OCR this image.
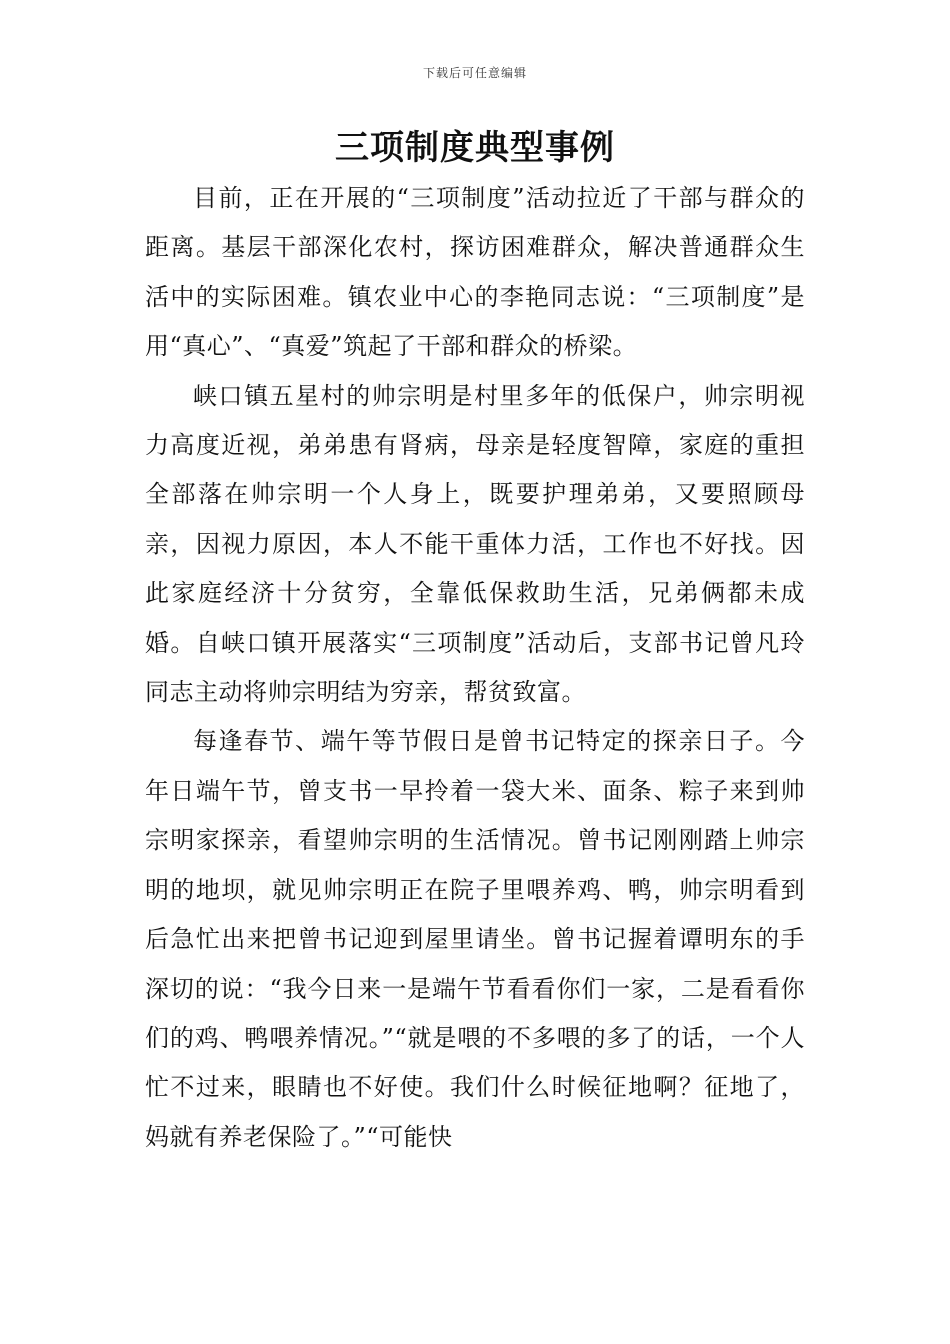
下载后可任意编辑
三项制度典型事例

目前，正在开展的“三项制度”活动拉近了干部与群众的距离。基层干部深化农村，探访困难群众，解决普通群众生活中的实际困难。镇农业中心的李艳同志说：“三项制度”是用“真心”、“真爱”筑起了干部和群众的桥梁。

峡口镇五星村的帅宗明是村里多年的低保户，帅宗明视力高度近视，弟弟患有肾病，母亲是轻度智障，家庭的重担全部落在帅宗明一个人身上，既要护理弟弟，又要照顾母亲，因视力原因，本人不能干重体力活，工作也不好找。因此家庭经济十分贫穷，全靠低保救助生活，兄弟俩都未成婚。自峡口镇开展落实“三项制度”活动后，支部书记曾凡玲同志主动将帅宗明结为穷亲，帮贫致富。

每逢春节、端午等节假日是曾书记特定的探亲日子。今年日端午节，曾支书一早拎着一袋大米、面条、粽子来到帅宗明家探亲，看望帅宗明的生活情况。曾书记刚刚踏上帅宗明的地坝，就见帅宗明正在院子里喂养鸡、鸭，帅宗明看到后急忙出来把曾书记迎到屋里请坐。曾书记握着谭明东的手深切的说：“我今日来一是端午节看看你们一家，二是看看你们的鸡、鸭喂养情况。”“就是喂的不多喂的多了的话，一个人忙不过来，眼睛也不好使。我们什么时候征地啊？征地了，妈就有养老保险了。”“可能快
